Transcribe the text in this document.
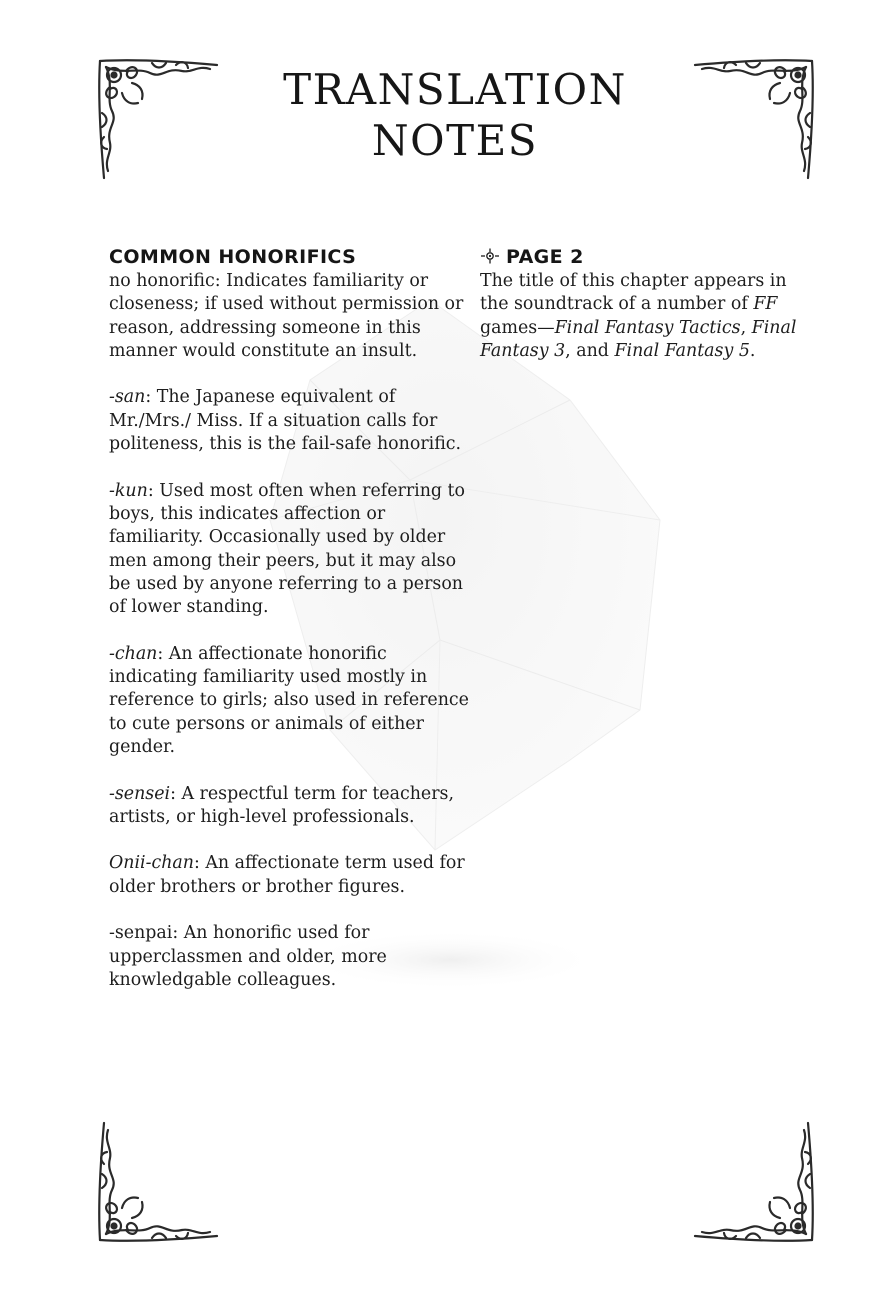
TRANSLATION
NOTES
COMMON HONORIFICS

no honorific: Indicates familiarity or closeness; if used without permission or reason, addressing someone in this manner would constitute an insult.

-san: The Japanese equivalent of Mr./Mrs./ Miss. If a situation calls for politeness, this is the fail-safe honorific.

-kun: Used most often when referring to boys, this indicates affection or familiarity. Occasionally used by older men among their peers, but it may also be used by anyone referring to a person of lower standing.

-chan: An affectionate honorific indicating familiarity used mostly in reference to girls; also used in reference to cute persons or animals of either gender.

-sensei: A respectful term for teachers, artists, or high-level professionals.

Onii-chan: An affectionate term used for older brothers or brother figures.

-senpai: An honorific used for upperclassmen and older, more knowledgable colleagues.

PAGE 2

The title of this chapter appears in the soundtrack of a number of FF games—Final Fantasy Tactics, Final Fantasy 3, and Final Fantasy 5.
